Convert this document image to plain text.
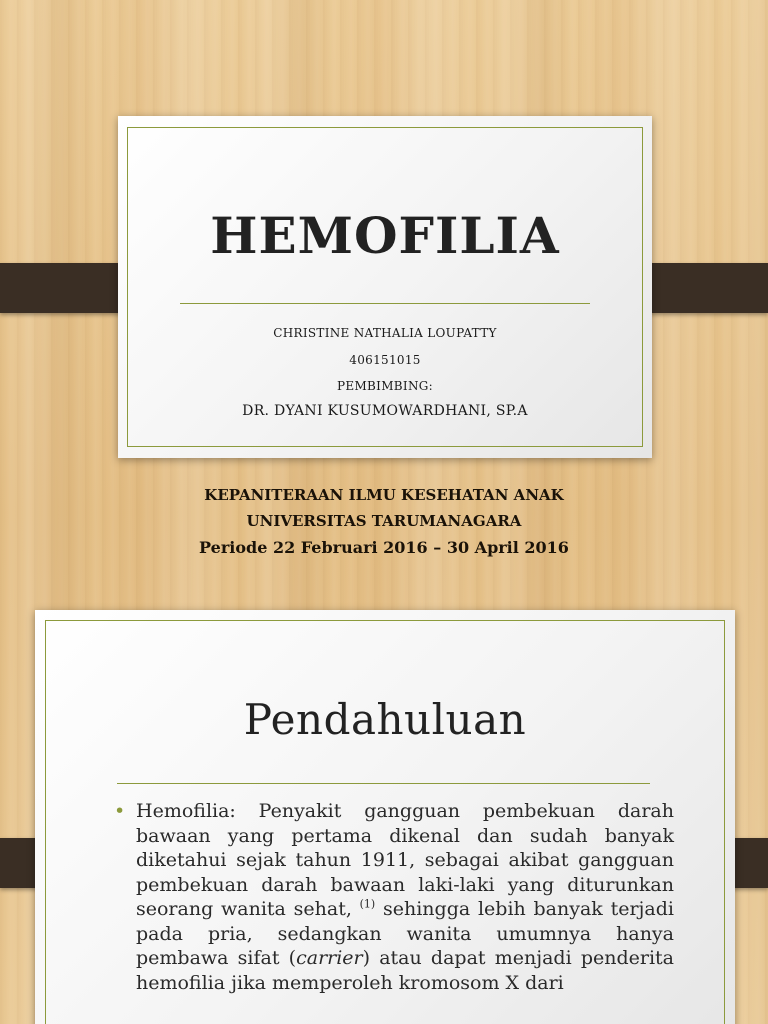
HEMOFILIA
CHRISTINE NATHALIA LOUPATTY
406151015
PEMBIMBING:
DR. DYANI KUSUMOWARDHANI, SP.A
KEPANITERAAN ILMU KESEHATAN ANAK
UNIVERSITAS TARUMANAGARA
Periode 22 Februari 2016 – 30 April 2016
Pendahuluan
• Hemofilia: Penyakit gangguan pembekuan darah bawaan yang pertama dikenal dan sudah banyak diketahui sejak tahun 1911, sebagai akibat gangguan pembekuan darah bawaan laki-laki yang diturunkan seorang wanita sehat, $^{(1)}$ sehingga lebih banyak terjadi pada pria, sedangkan wanita umumnya hanya pembawa sifat (carrier) atau dapat menjadi penderita hemofilia jika memperoleh kromosom X dari
